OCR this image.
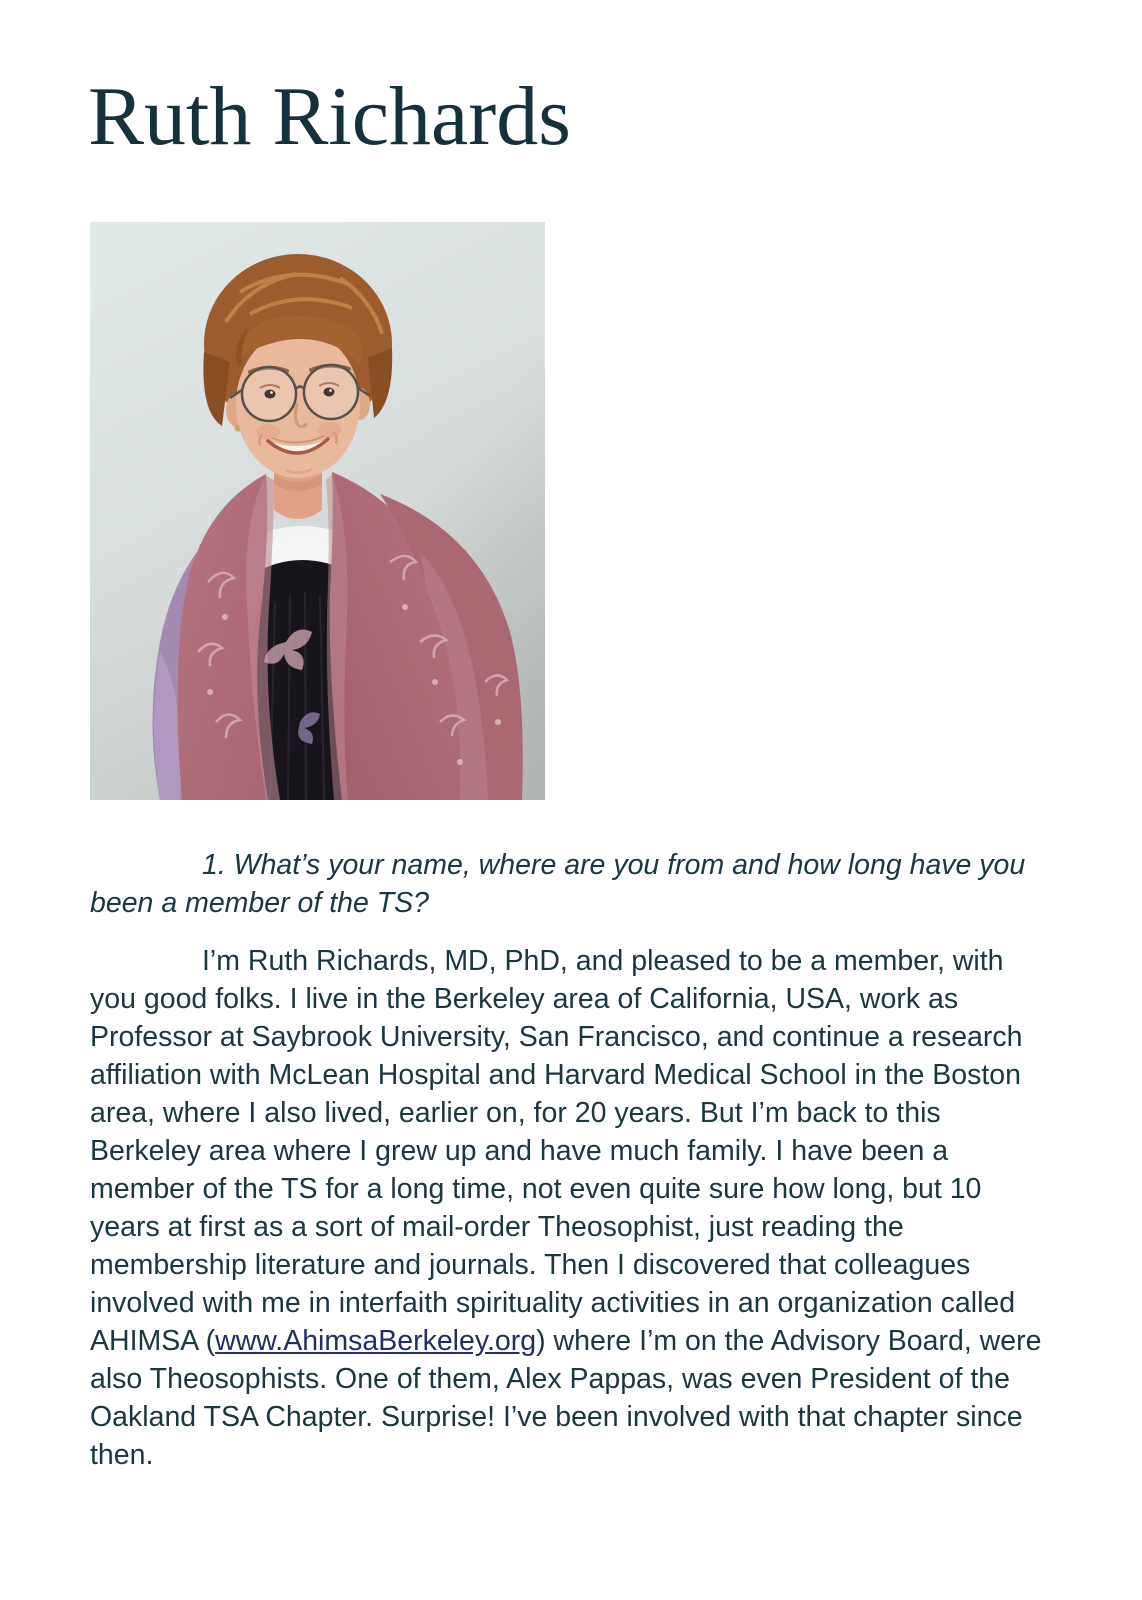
Ruth Richards

1. What’s your name, where are you from and how long have you been a member of the TS?

I’m Ruth Richards, MD, PhD, and pleased to be a member, with you good folks. I live in the Berkeley area of California, USA, work as Professor at Saybrook University, San Francisco, and continue a research affiliation with McLean Hospital and Harvard Medical School in the Boston area, where I also lived, earlier on, for 20 years. But I’m back to this Berkeley area where I grew up and have much family. I have been a member of the TS for a long time, not even quite sure how long, but 10 years at first as a sort of mail-order Theosophist, just reading the membership literature and journals. Then I discovered that colleagues involved with me in interfaith spirituality activities in an organization called AHIMSA (www.AhimsaBerkeley.org) where I’m on the Advisory Board, were also Theosophists. One of them, Alex Pappas, was even President of the Oakland TSA Chapter. Surprise! I’ve been involved with that chapter since then.
